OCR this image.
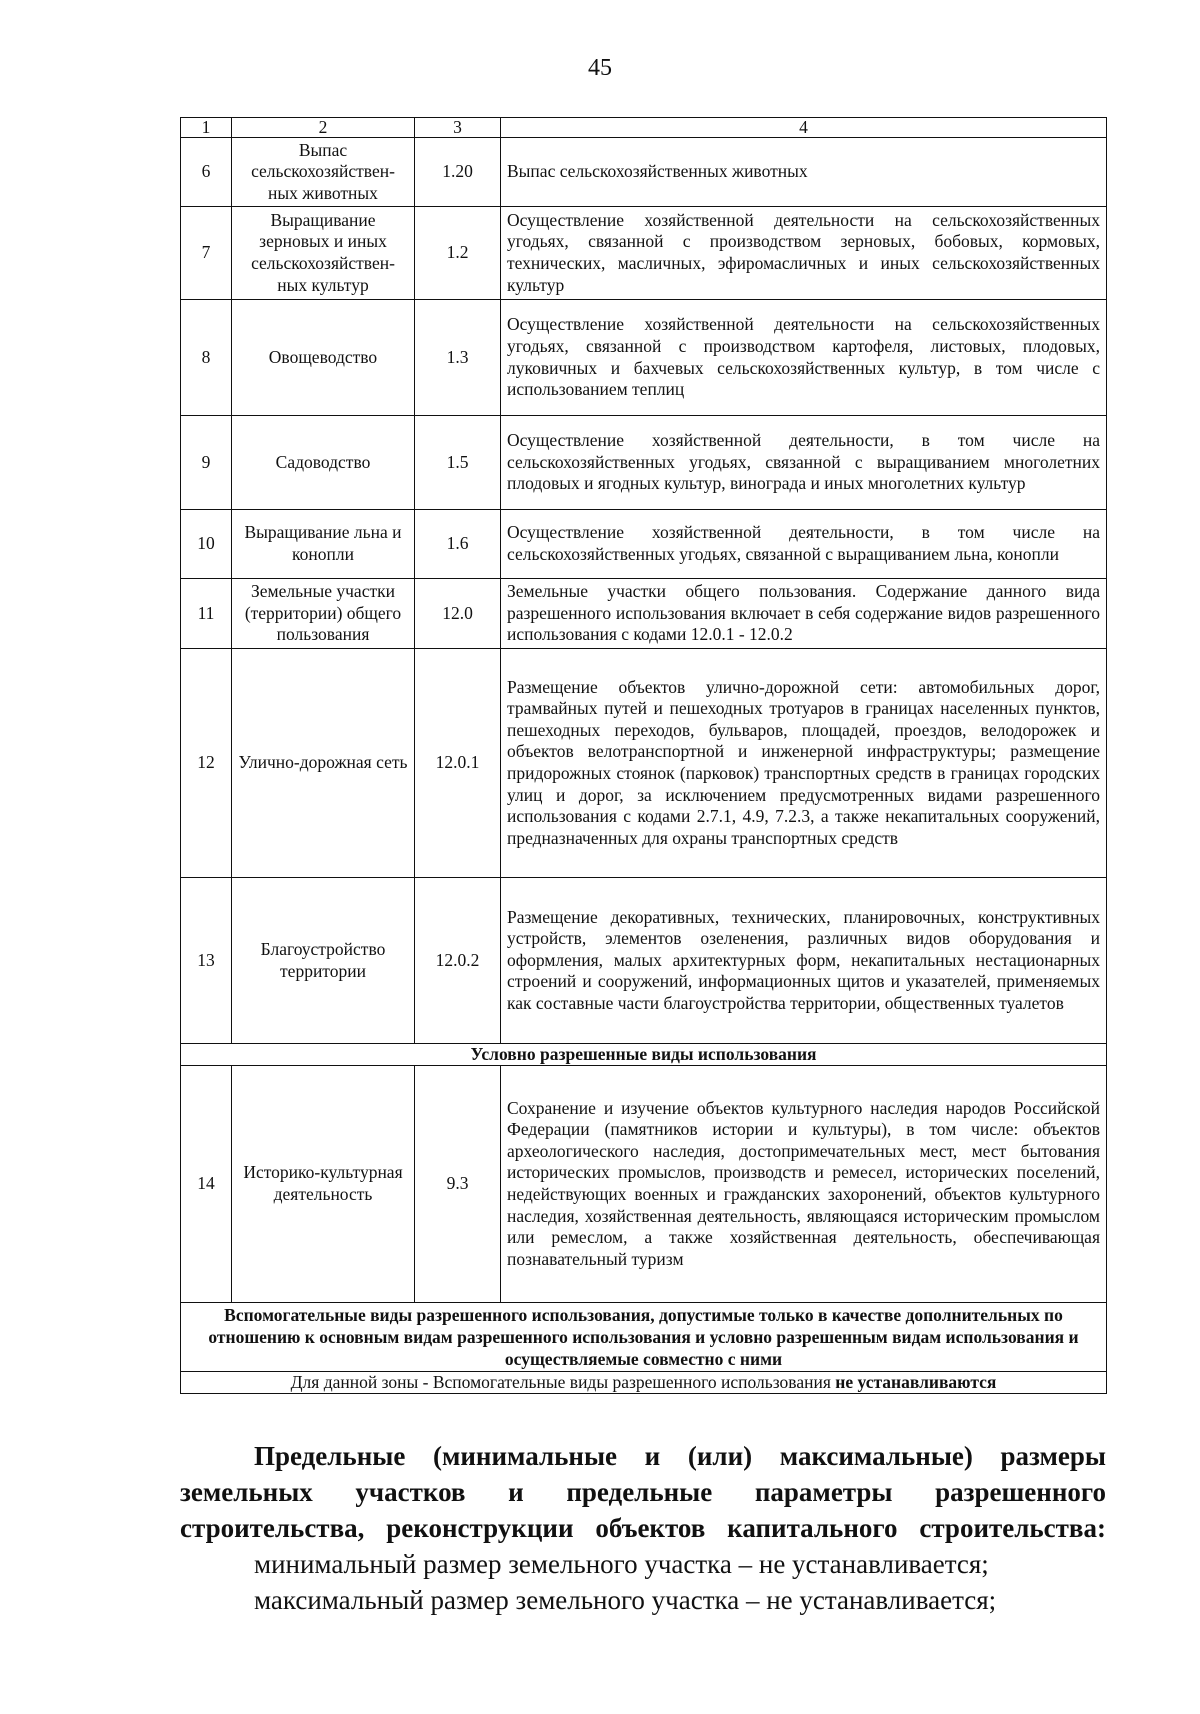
45
1	2	3	4
6	Выпас сельскохозяйствен-ных животных	1.20	Выпас сельскохозяйственных животных
7	Выращивание зерновых и иных сельскохозяйствен-ных культур	1.2	Осуществление хозяйственной деятельности на сельскохозяйственных угодьях, связанной с производством зерновых, бобовых, кормовых, технических, масличных, эфиромасличных и иных сельскохозяйственных культур
8	Овощеводство	1.3	Осуществление хозяйственной деятельности на сельскохозяйственных угодьях, связанной с производством картофеля, листовых, плодовых, луковичных и бахчевых сельскохозяйственных культур, в том числе с использованием теплиц
9	Садоводство	1.5	Осуществление хозяйственной деятельности, в том числе на сельскохозяйственных угодьях, связанной с выращиванием многолетних плодовых и ягодных культур, винограда и иных многолетних культур
10	Выращивание льна и конопли	1.6	Осуществление хозяйственной деятельности, в том числе на сельскохозяйственных угодьях, связанной с выращиванием льна, конопли
11	Земельные участки (территории) общего пользования	12.0	Земельные участки общего пользования. Содержание данного вида разрешенного использования включает в себя содержание видов разрешенного использования с кодами 12.0.1 - 12.0.2
12	Улично-дорожная сеть	12.0.1	Размещение объектов улично-дорожной сети: автомобильных дорог, трамвайных путей и пешеходных тротуаров в границах населенных пунктов, пешеходных переходов, бульваров, площадей, проездов, велодорожек и объектов велотранспортной и инженерной инфраструктуры; размещение придорожных стоянок (парковок) транспортных средств в границах городских улиц и дорог, за исключением предусмотренных видами разрешенного использования с кодами 2.7.1, 4.9, 7.2.3, а также некапитальных сооружений, предназначенных для охраны транспортных средств
13	Благоустройство территории	12.0.2	Размещение декоративных, технических, планировочных, конструктивных устройств, элементов озеленения, различных видов оборудования и оформления, малых архитектурных форм, некапитальных нестационарных строений и сооружений, информационных щитов и указателей, применяемых как составные части благоустройства территории, общественных туалетов
Условно разрешенные виды использования			
14	Историко-культурная деятельность	9.3	Сохранение и изучение объектов культурного наследия народов Российской Федерации (памятников истории и культуры), в том числе: объектов археологического наследия, достопримечательных мест, мест бытования исторических промыслов, производств и ремесел, исторических поселений, недействующих военных и гражданских захоронений, объектов культурного наследия, хозяйственная деятельность, являющаяся историческим промыслом или ремеслом, а также хозяйственная деятельность, обеспечивающая познавательный туризм
Вспомогательные виды разрешенного использования, допустимые только в качестве дополнительных по отношению к основным видам разрешенного использования и условно разрешенным видам использования и осуществляемые совместно с ними			
Для данной зоны - Вспомогательные виды разрешенного использования не устанавливаются			
Предельные (минимальные и (или) максимальные) размеры
земельных участков и предельные параметры разрешенного
строительства, реконструкции объектов капитального строительства:
минимальный размер земельного участка – не устанавливается;
максимальный размер земельного участка – не устанавливается;
